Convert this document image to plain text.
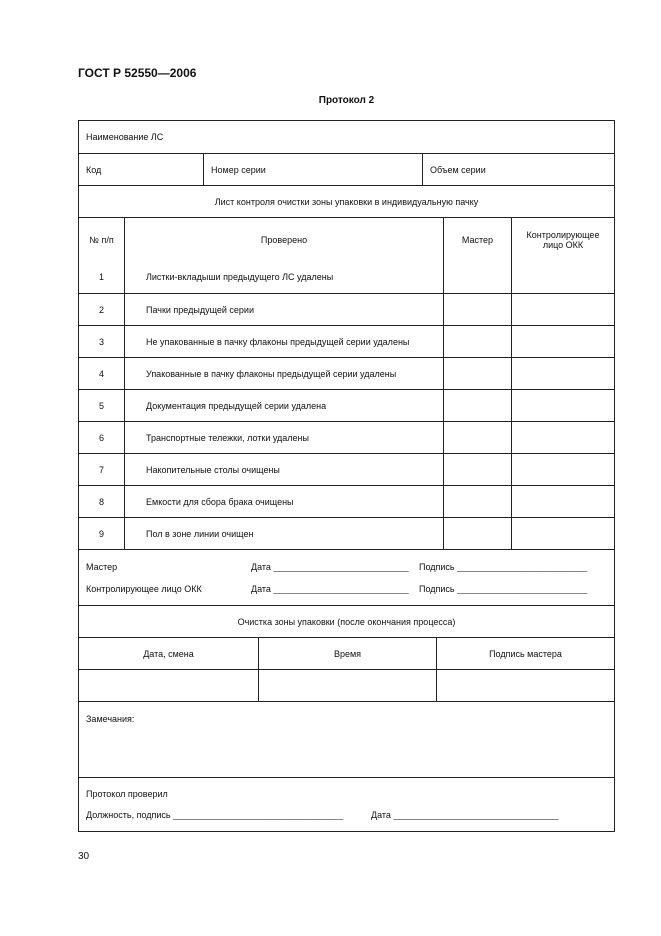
ГОСТ Р 52550—2006
Протокол 2
Наименование ЛС
Код	Номер серии	Объем серии
Лист контроля очистки зоны упаковки в индивидуальную пачку
№ п/п	Проверено	Мастер	Контролирующее лицо ОКК
1	Листки-вкладыши предыдущего ЛС удалены
2	Пачки предыдущей серии
3	Не упакованные в пачку флаконы предыдущей серии удалены
4	Упакованные в пачку флаконы предыдущей серии удалены
5	Документация предыдущей серии удалена
6	Транспортные тележки, лотки удалены
7	Накопительные столы очищены
8	Емкости для сбора брака очищены
9	Пол в зоне линии очищен
Мастер	Дата ___________________________	Подпись __________________________
Контролирующее лицо ОКК	Дата ___________________________	Подпись __________________________
Очистка зоны упаковки (после окончания процесса)
Дата, смена	Время	Подпись мастера
Замечания:
Протокол проверил
Должность, подпись __________________________________	Дата _________________________________
30
